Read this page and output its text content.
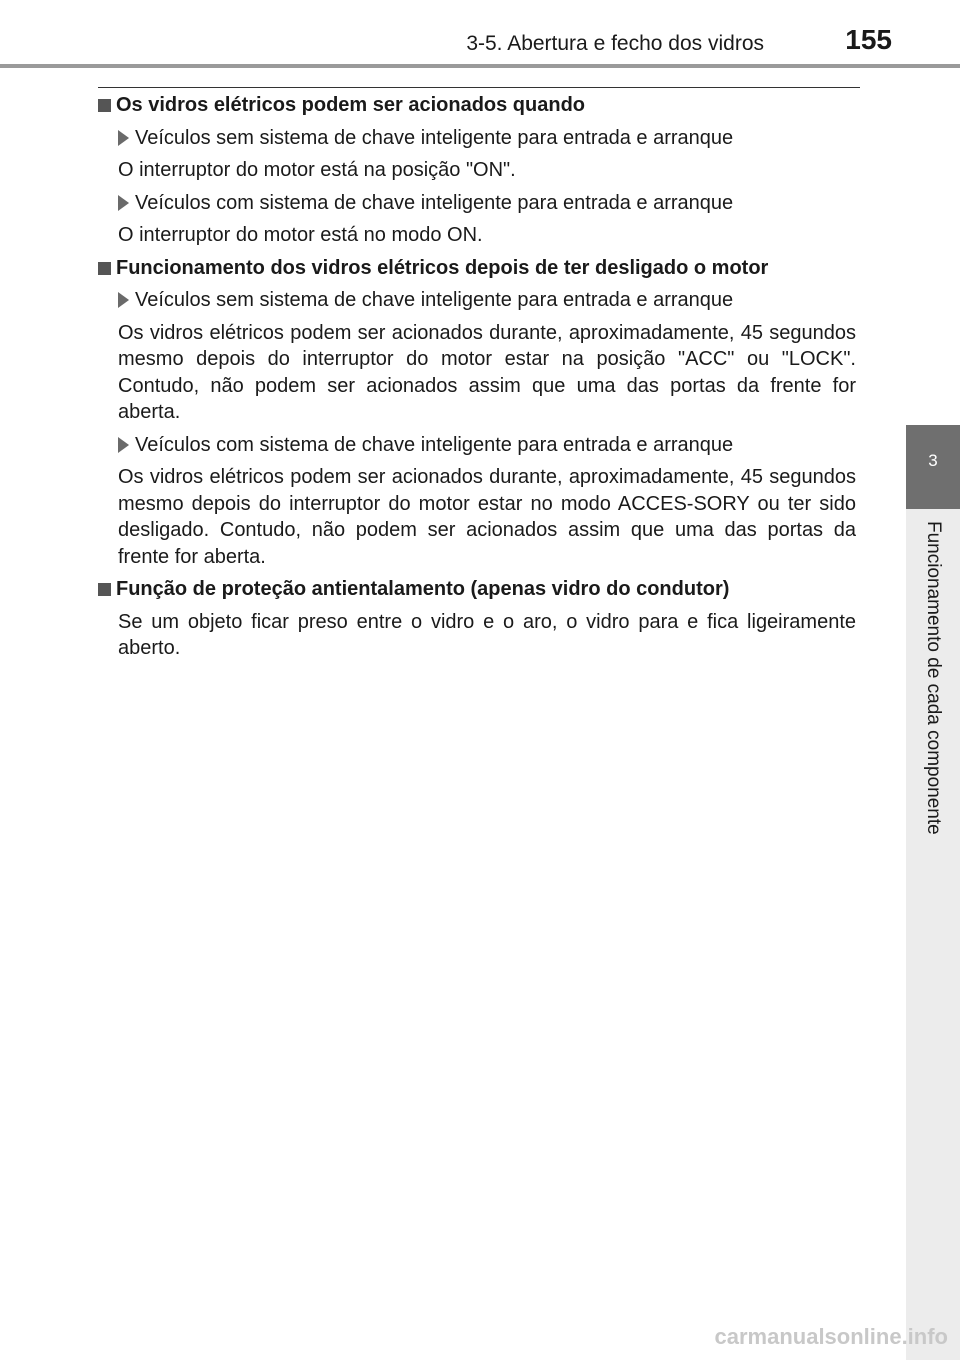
3-5. Abertura e fecho dos vidros	155
Os vidros elétricos podem ser acionados quando
Veículos sem sistema de chave inteligente para entrada e arranque
O interruptor do motor está na posição "ON".
Veículos com sistema de chave inteligente para entrada e arranque
O interruptor do motor está no modo ON.
Funcionamento dos vidros elétricos depois de ter desligado o motor
Veículos sem sistema de chave inteligente para entrada e arranque
Os vidros elétricos podem ser acionados durante, aproximadamente, 45 segundos mesmo depois do interruptor do motor estar na posição "ACC" ou "LOCK". Contudo, não podem ser acionados assim que uma das portas da frente for aberta.
Veículos com sistema de chave inteligente para entrada e arranque
Os vidros elétricos podem ser acionados durante, aproximadamente, 45 segundos mesmo depois do interruptor do motor estar no modo ACCES-SORY ou ter sido desligado. Contudo, não podem ser acionados assim que uma das portas da frente for aberta.
Função de proteção antientalamento (apenas vidro do condutor)
Se um objeto ficar preso entre o vidro e o aro, o vidro para e fica ligeiramente aberto.
3
Funcionamento de cada componente
carmanualsonline.info
